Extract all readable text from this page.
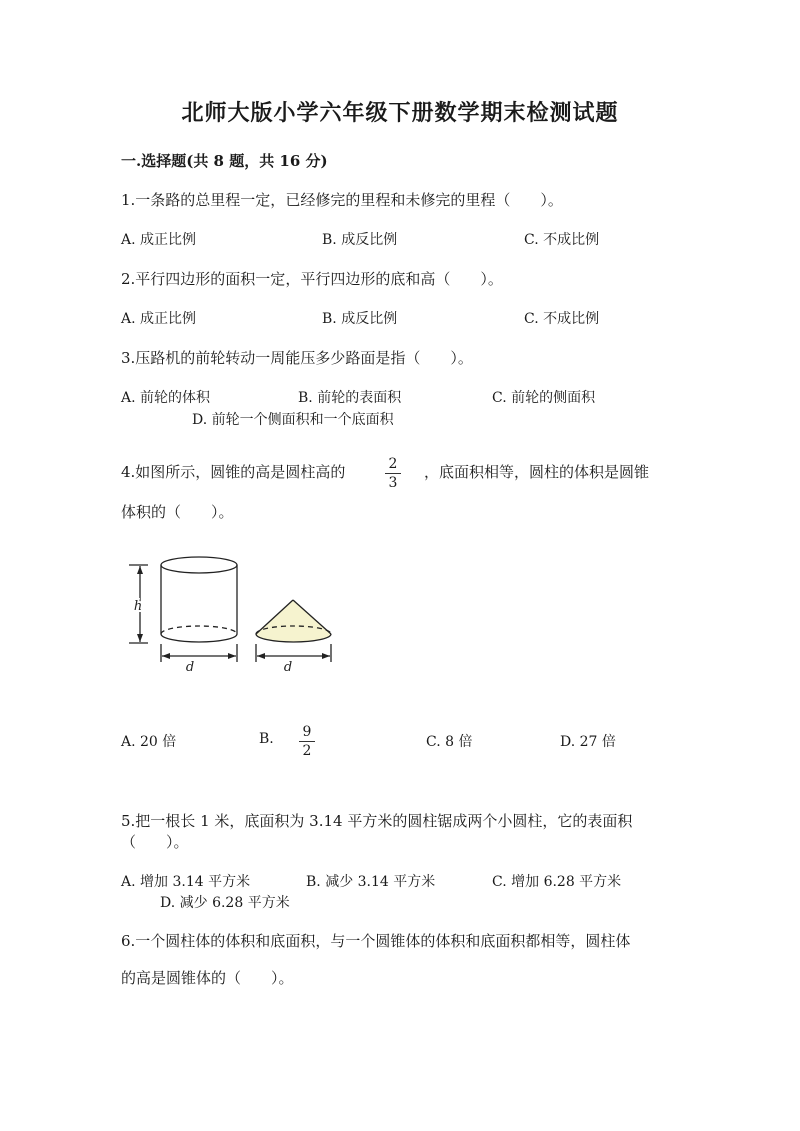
北师大版小学六年级下册数学期末检测试题
一.选择题(共 8 题，共 16 分)
1.一条路的总里程一定，已经修完的里程和未修完的里程（　　）。
A. 成正比例	B. 成反比例	C. 不成比例
2.平行四边形的面积一定，平行四边形的底和高（　　）。
A. 成正比例	B. 成反比例	C. 不成比例
3.压路机的前轮转动一周能压多少路面是指（　　）。
A. 前轮的体积	B. 前轮的表面积	C. 前轮的侧面积
D. 前轮一个侧面积和一个底面积
4.如图所示，圆锥的高是圆柱高的	2
3
，底面积相等，圆柱的体积是圆锥
体积的（　　）。
h
d	d
A. 20 倍	B. 9
2
C. 8 倍	D. 27 倍
5.把一根长 1 米，底面积为 3.14 平方米的圆柱锯成两个小圆柱，它的表面积
（　　）。
A. 增加 3.14 平方米	B. 减少 3.14 平方米	C. 增加 6.28 平方米
D. 减少 6.28 平方米
6.一个圆柱体的体积和底面积，与一个圆锥体的体积和底面积都相等，圆柱体
的高是圆锥体的（　　）。
